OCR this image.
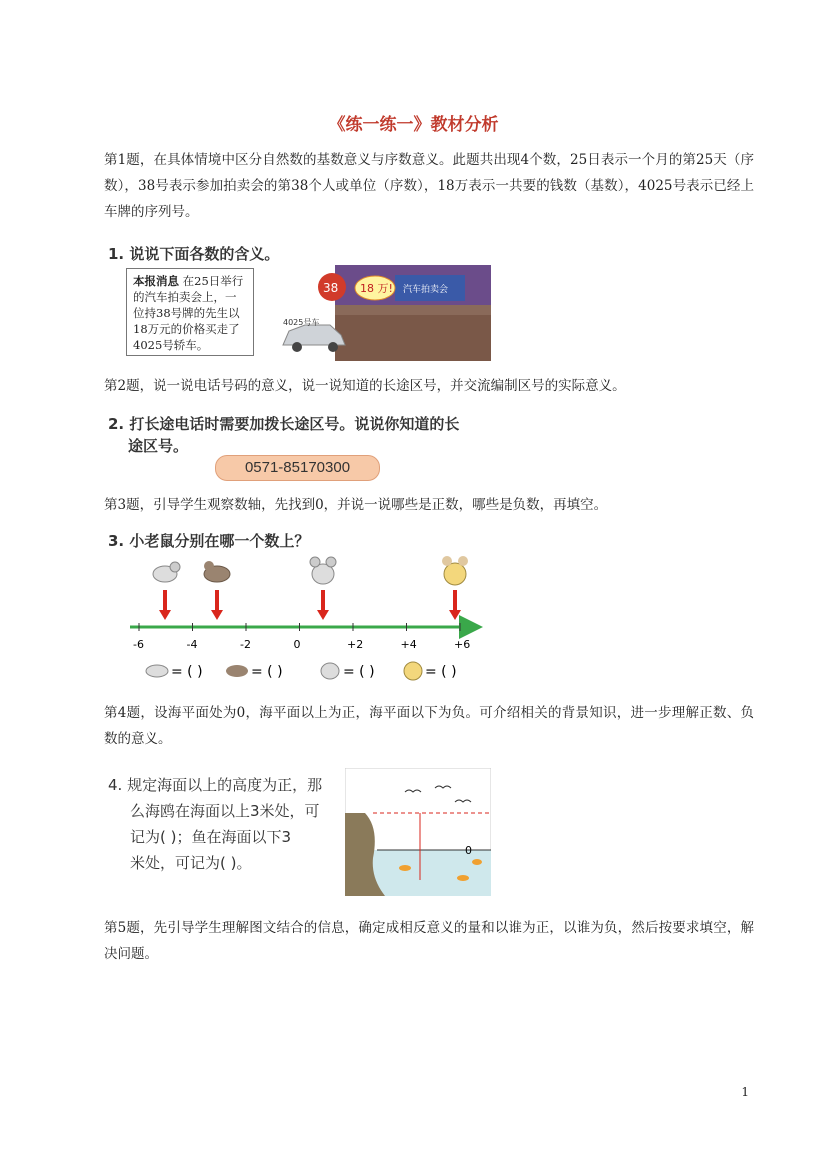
《练一练一》教材分析
第1题，在具体情境中区分自然数的基数意义与序数意义。此题共出现4个数，25日表示一个月的第25天（序数），38号表示参加拍卖会的第38个人或单位（序数），18万表示一共要的钱数（基数），4025号表示已经上车牌的序列号。
1. 说说下面各数的含义。
本报消息 在25日举行的汽车拍卖会上，一位持38号牌的先生以18万元的价格买走了4025号轿车。
汽车拍卖会
38 18 万!
4025号车
第2题，说一说电话号码的意义，说一说知道的长途区号，并交流编制区号的实际意义。
2. 打长途电话时需要加拨长途区号。说说你知道的长
途区号。
0571-85170300
第3题，引导学生观察数轴，先找到0，并说一说哪些是正数，哪些是负数，再填空。
3. 小老鼠分别在哪一个数上？
-6	-4	-2	0	+2	+4	+6
= ( )	= ( )	= ( )	= ( )
第4题，设海平面处为0，海平面以上为正，海平面以下为负。可介绍相关的背景知识，进一步理解正数、负数的意义。
4. 规定海面以上的高度为正，那
么海鸥在海面以上3米处，可
记为( )；鱼在海面以下3
米处，可记为( )。
0
第5题，先引导学生理解图文结合的信息，确定成相反意义的量和以谁为正，以谁为负，然后按要求填空，解决问题。
1
